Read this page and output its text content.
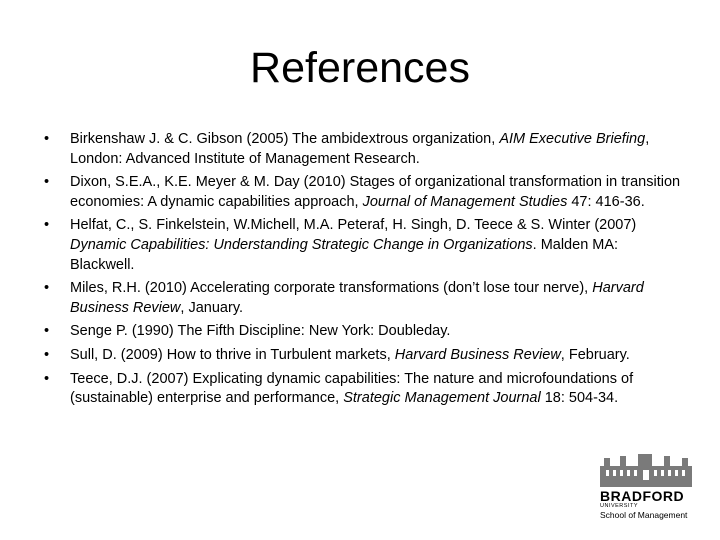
References
•	Birkenshaw J. & C. Gibson (2005) The ambidextrous organization, AIM Executive Briefing, London: Advanced Institute of Management Research.
•	Dixon, S.E.A., K.E. Meyer & M. Day (2010) Stages of organizational transformation in transition economies: A dynamic capabilities approach, Journal of Management Studies 47: 416-36.
•	Helfat, C., S. Finkelstein, W.Michell, M.A. Peteraf, H. Singh, D. Teece & S. Winter (2007) Dynamic Capabilities: Understanding Strategic Change in Organizations. Malden MA: Blackwell.
•	Miles, R.H. (2010) Accelerating corporate transformations (don’t lose tour nerve), Harvard Business Review, January.
•	Senge P. (1990) The Fifth Discipline: New York: Doubleday.
•	Sull, D. (2009) How to thrive in Turbulent markets, Harvard Business Review, February.
•	Teece, D.J. (2007) Explicating dynamic capabilities: The nature and microfoundations of (sustainable) enterprise and performance, Strategic Management Journal 18: 504-34.
BRADFORD
UNIVERSITY
School of Management
